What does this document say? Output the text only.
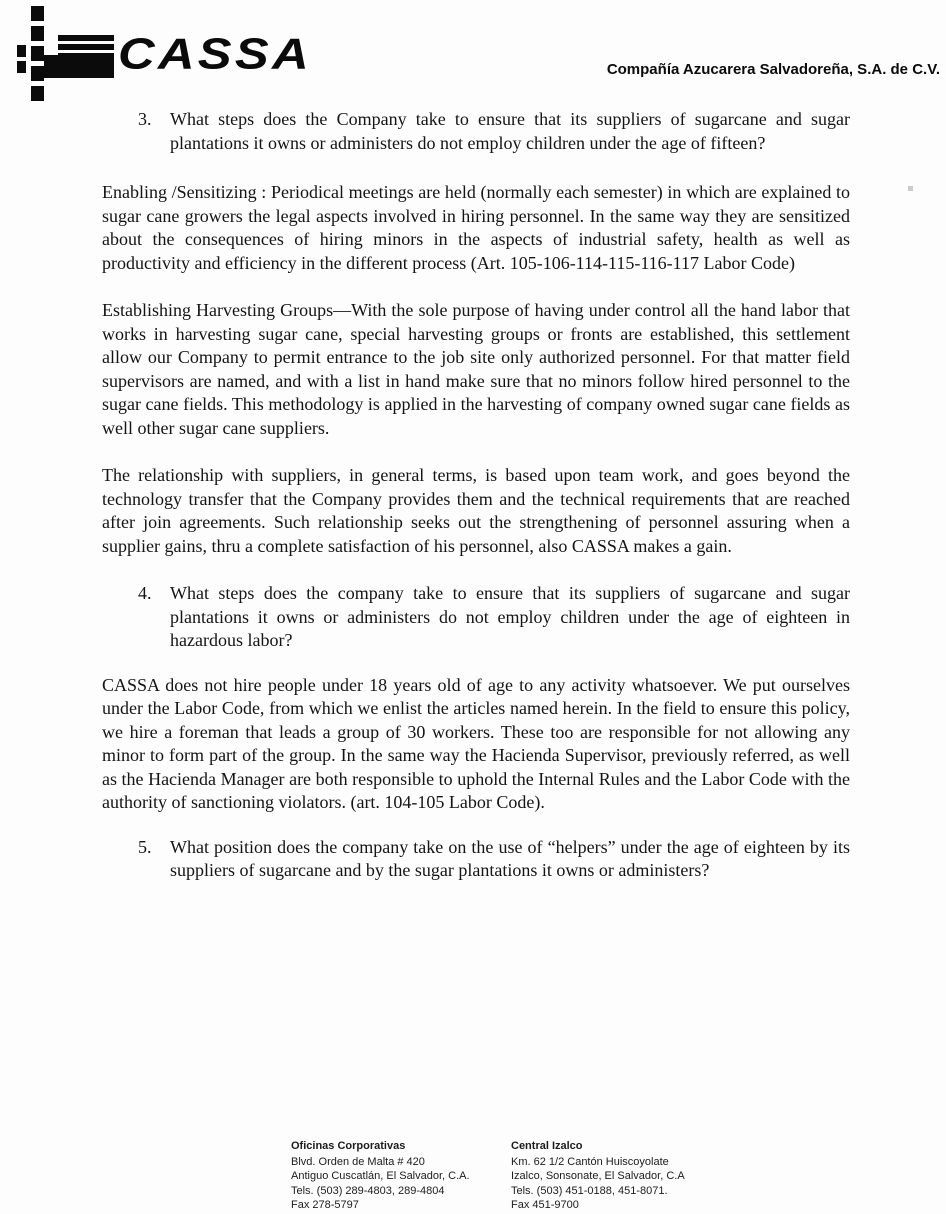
CASSA	Compañía Azucarera Salvadoreña, S.A. de C.V.
3.	What steps does the Company take to ensure that its suppliers of sugarcane and sugar plantations it owns or administers do not employ children under the age of fifteen?
Enabling /Sensitizing : Periodical meetings are held (normally each semester) in which are explained to sugar cane growers the legal aspects involved in hiring personnel. In the same way they are sensitized about the consequences of hiring minors in the aspects of industrial safety, health as well as productivity and efficiency in the different process (Art. 105-106-114-115-116-117 Labor Code)
Establishing Harvesting Groups—With the sole purpose of having under control all the hand labor that works in harvesting sugar cane, special harvesting groups or fronts are established, this settlement allow our Company to permit entrance to the job site only authorized personnel. For that matter field supervisors are named, and with a list in hand make sure that no minors follow hired personnel to the sugar cane fields. This methodology is applied in the harvesting of company owned sugar cane fields as well other sugar cane suppliers.
The relationship with suppliers, in general terms, is based upon team work, and goes beyond the technology transfer that the Company provides them and the technical requirements that are reached after join agreements. Such relationship seeks out the strengthening of personnel assuring when a supplier gains, thru a complete satisfaction of his personnel, also CASSA makes a gain.
4.	What steps does the company take to ensure that its suppliers of sugarcane and sugar plantations it owns or administers do not employ children under the age of eighteen in hazardous labor?
CASSA does not hire people under 18 years old of age to any activity whatsoever. We put ourselves under the Labor Code, from which we enlist the articles named herein. In the field to ensure this policy, we hire a foreman that leads a group of 30 workers. These too are responsible for not allowing any minor to form part of the group. In the same way the Hacienda Supervisor, previously referred, as well as the Hacienda Manager are both responsible to uphold the Internal Rules and the Labor Code with the authority of sanctioning violators. (art. 104-105 Labor Code).
5.	What position does the company take on the use of “helpers” under the age of eighteen by its suppliers of sugarcane and by the sugar plantations it owns or administers?
Oficinas Corporativas
Blvd. Orden de Malta # 420
Antiguo Cuscatlán, El Salvador, C.A.
Tels. (503) 289-4803, 289-4804
Fax 278-5797
Central Izalco
Km. 62 1/2 Cantón Huiscoyolate
Izalco, Sonsonate, El Salvador, C.A
Tels. (503) 451-0188, 451-8071.
Fax 451-9700
